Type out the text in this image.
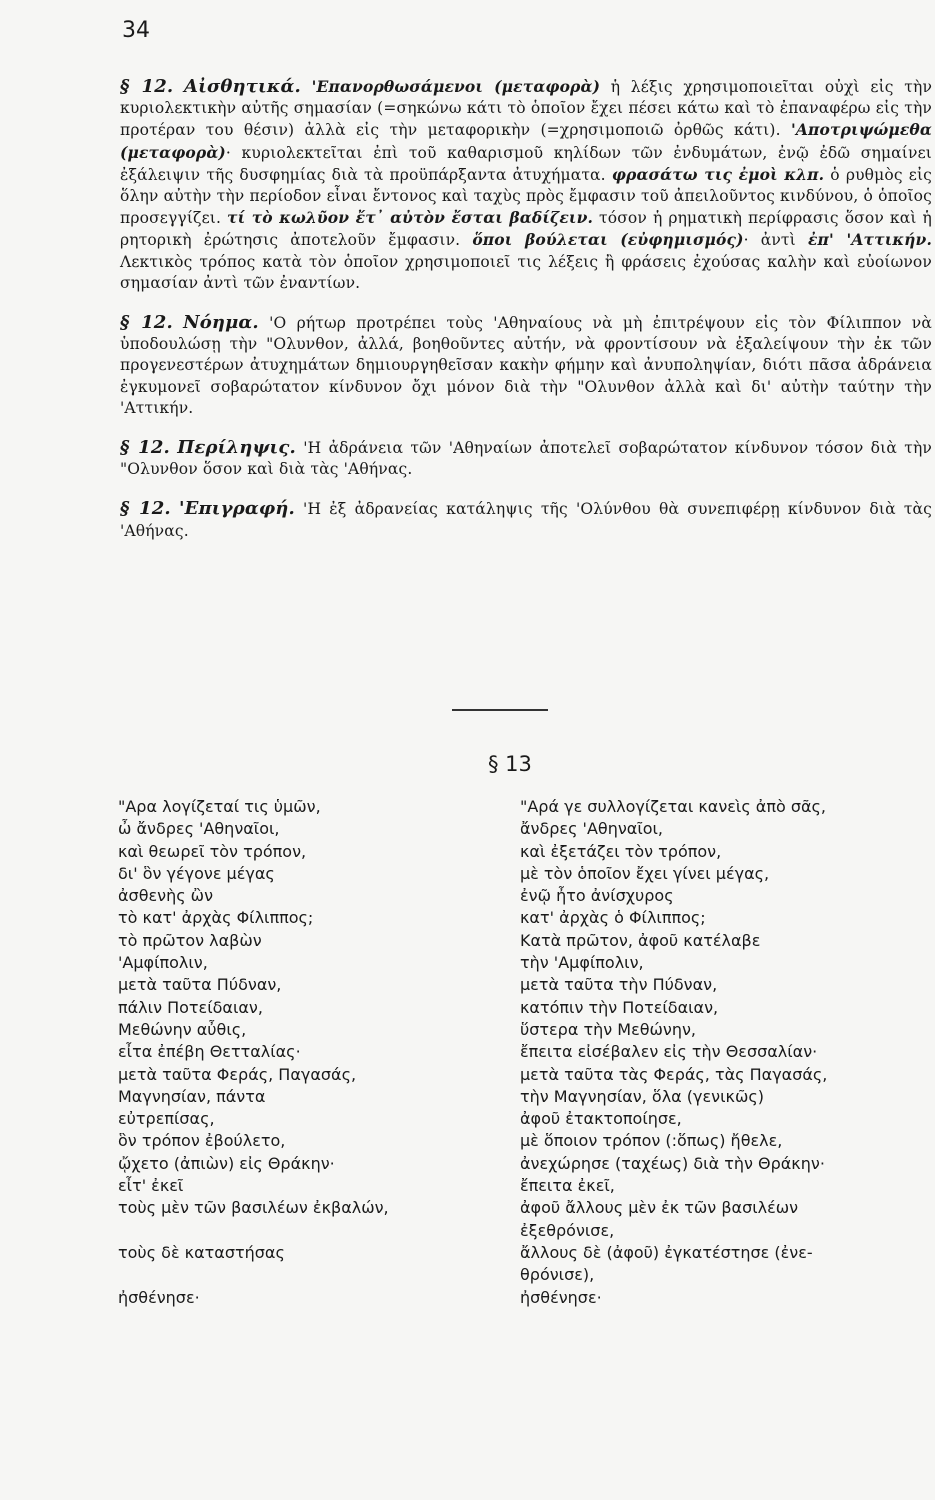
34

§ 12. Αἰσθητικά. 'Επανορθωσάμενοι (μεταφορὰ) ἡ λέξις χρησιμοποιεῖται οὐχὶ εἰς τὴν κυριολεκτικὴν αὐτῆς σημασίαν (=σηκώνω κάτι τὸ ὁποῖον ἔχει πέσει κάτω καὶ τὸ ἐπαναφέρω εἰς τὴν προτέραν του θέσιν) ἀλλὰ εἰς τὴν μεταφορικὴν (=χρησιμοποιῶ ὀρθῶς κάτι). 'Αποτριψώμεθα (μεταφορὰ)· κυριολεκτεῖται ἐπὶ τοῦ καθαρισμοῦ κηλίδων τῶν ἐνδυμάτων, ἐνῷ ἐδῶ σημαίνει ἐξάλειψιν τῆς δυσφημίας διὰ τὰ προϋπάρξαντα ἀτυχήματα. φρασάτω τις ἐμοὶ κλπ. ὁ ρυθμὸς εἰς ὅλην αὐτὴν τὴν περίοδον εἶναι ἔντονος καὶ ταχὺς πρὸς ἔμφασιν τοῦ ἀπειλοῦντος κινδύνου, ὁ ὁποῖος προσεγγίζει. τί τὸ κωλῦον ἔτ᾽ αὐτὸν ἔσται βαδίζειν. τόσον ἡ ρηματικὴ περίφρασις ὅσον καὶ ἡ ρητορικὴ ἐρώτησις ἀποτελοῦν ἔμφασιν. ὅποι βούλεται (εὐφημισμός)· ἀντὶ ἐπ' 'Αττικήν. Λεκτικὸς τρόπος κατὰ τὸν ὁποῖον χρησιμοποιεῖ τις λέξεις ἢ φράσεις ἐχούσας καλὴν καὶ εὐοίωνον σημασίαν ἀντὶ τῶν ἐναντίων.

§ 12. Νόημα. 'Ο ρήτωρ προτρέπει τοὺς 'Αθηναίους νὰ μὴ ἐπιτρέψουν εἰς τὸν Φίλιππον νὰ ὑποδουλώσῃ τὴν "Ολυνθον, ἀλλά, βοηθοῦντες αὐτήν, νὰ φροντίσουν νὰ ἐξαλείψουν τὴν ἐκ τῶν προγενεστέρων ἀτυχημάτων δημιουργηθεῖσαν κακὴν φήμην καὶ ἀνυποληψίαν, διότι πᾶσα ἀδράνεια ἐγκυμονεῖ σοβαρώτατον κίνδυνον ὄχι μόνον διὰ τὴν "Ολυνθον ἀλλὰ καὶ δι' αὐτὴν ταύτην τὴν 'Αττικήν.

§ 12. Περίληψις. 'Η ἀδράνεια τῶν 'Αθηναίων ἀποτελεῖ σοβαρώτατον κίνδυνον τόσον διὰ τὴν "Ολυνθον ὅσον καὶ διὰ τὰς 'Αθήνας.

§ 12. 'Επιγραφή. 'Η ἐξ ἀδρανείας κατάληψις τῆς 'Ολύνθου θὰ συνεπιφέρῃ κίνδυνον διὰ τὰς 'Αθήνας.

§ 13
"Αρα λογίζεταί τις ὑμῶν,
ὦ ἄνδρες 'Αθηναῖοι,
καὶ θεωρεῖ τὸν τρόπον,
δι' ὃν γέγονε μέγας
ἀσθενὴς ὢν
τὸ κατ' ἀρχὰς Φίλιππος;
τὸ πρῶτον λαβὼν
'Αμφίπολιν,
μετὰ ταῦτα Πύδναν,
πάλιν Ποτείδαιαν,
Μεθώνην αὖθις,
εἶτα ἐπέβη Θετταλίας·
μετὰ ταῦτα Φεράς, Παγασάς,
Μαγνησίαν, πάντα
εὐτρεπίσας,
ὃν τρόπον ἐβούλετο,
ᾤχετο (ἀπιὼν) εἰς Θράκην·
εἶτ' ἐκεῖ
τοὺς μὲν τῶν βασιλέων ἐκβαλών,

τοὺς δὲ καταστήσας

ἠσθένησε·
"Αρά γε συλλογίζεται κανεὶς ἀπὸ σᾶς,
ἄνδρες 'Αθηναῖοι,
καὶ ἐξετάζει τὸν τρόπον,
μὲ τὸν ὁποῖον ἔχει γίνει μέγας,
ἐνῷ ἦτο ἀνίσχυρος
κατ' ἀρχὰς ὁ Φίλιππος;
Κατὰ πρῶτον, ἀφοῦ κατέλαβε
τὴν 'Αμφίπολιν,
μετὰ ταῦτα τὴν Πύδναν,
κατόπιν τὴν Ποτείδαιαν,
ὕστερα τὴν Μεθώνην,
ἔπειτα εἰσέβαλεν εἰς τὴν Θεσσαλίαν·
μετὰ ταῦτα τὰς Φεράς, τὰς Παγασάς,
τὴν Μαγνησίαν, ὅλα (γενικῶς)
ἀφοῦ ἐτακτοποίησε,
μὲ ὅποιον τρόπον (:ὅπως) ἤθελε,
ἀνεχώρησε (ταχέως) διὰ τὴν Θράκην·
ἔπειτα ἐκεῖ,
ἀφοῦ ἄλλους μὲν ἐκ τῶν βασιλέων
ἐξεθρόνισε,
ἄλλους δὲ (ἀφοῦ) ἐγκατέστησε (ἐνε-
θρόνισε),
ἠσθένησε·
